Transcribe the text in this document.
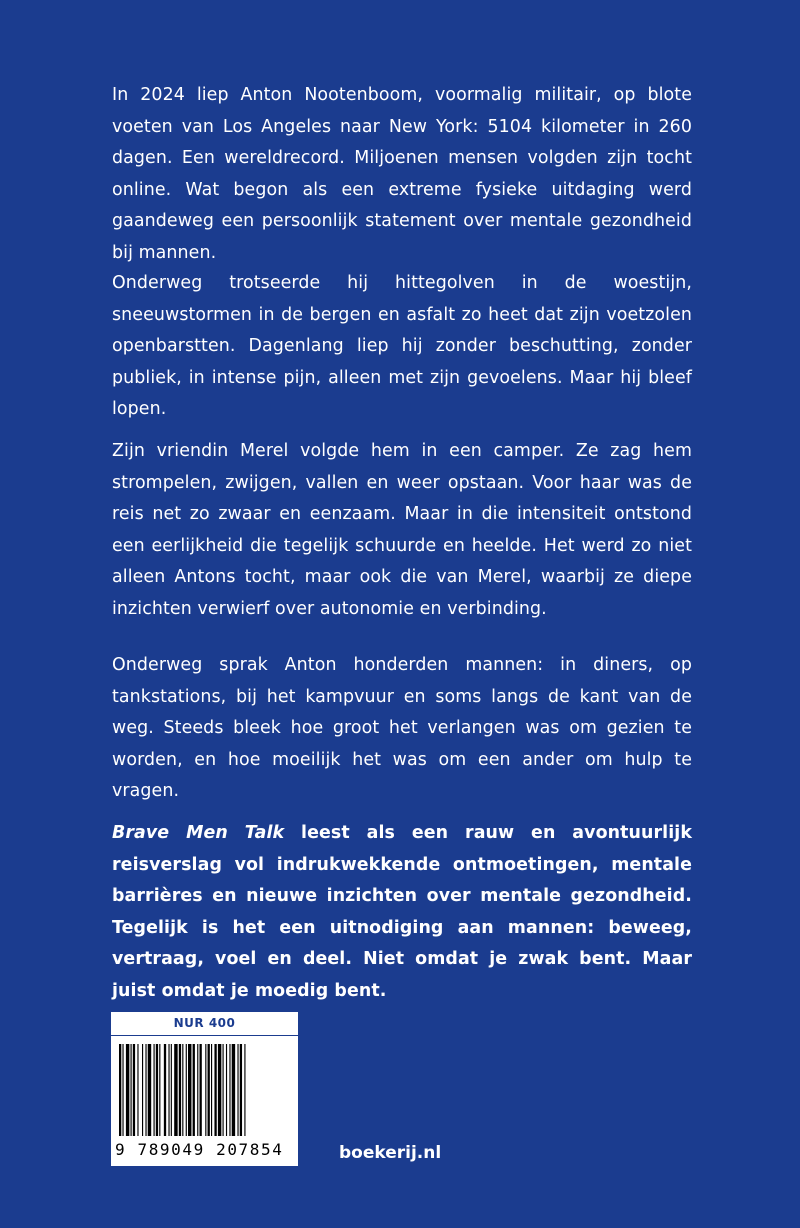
In 2024 liep Anton Nootenboom, voormalig militair, op blote voeten van Los Angeles naar New York: 5104 kilometer in 260 dagen. Een wereldrecord. Miljoenen mensen volgden zijn tocht online. Wat begon als een extreme fysieke uitdaging werd gaandeweg een persoonlijk statement over mentale gezondheid bij mannen.

Onderweg trotseerde hij hittegolven in de woestijn, sneeuwstormen in de bergen en asfalt zo heet dat zijn voetzolen openbarstten. Dagenlang liep hij zonder beschutting, zonder publiek, in intense pijn, alleen met zijn gevoelens. Maar hij bleef lopen.

Zijn vriendin Merel volgde hem in een camper. Ze zag hem strompelen, zwijgen, vallen en weer opstaan. Voor haar was de reis net zo zwaar en eenzaam. Maar in die intensiteit ontstond een eerlijkheid die tegelijk schuurde en heelde. Het werd zo niet alleen Antons tocht, maar ook die van Merel, waarbij ze diepe inzichten verwierf over autonomie en verbinding.

Onderweg sprak Anton honderden mannen: in diners, op tankstations, bij het kampvuur en soms langs de kant van de weg. Steeds bleek hoe groot het verlangen was om gezien te worden, en hoe moeilijk het was om een ander om hulp te vragen.

Brave Men Talk leest als een rauw en avontuurlijk reisverslag vol indrukwekkende ontmoetingen, mentale barrières en nieuwe inzichten over mentale gezondheid. Tegelijk is het een uitnodiging aan mannen: beweeg, vertraag, voel en deel. Niet omdat je zwak bent. Maar juist omdat je moedig bent.

NUR 400
9 789049 207854	boekerij.nl
